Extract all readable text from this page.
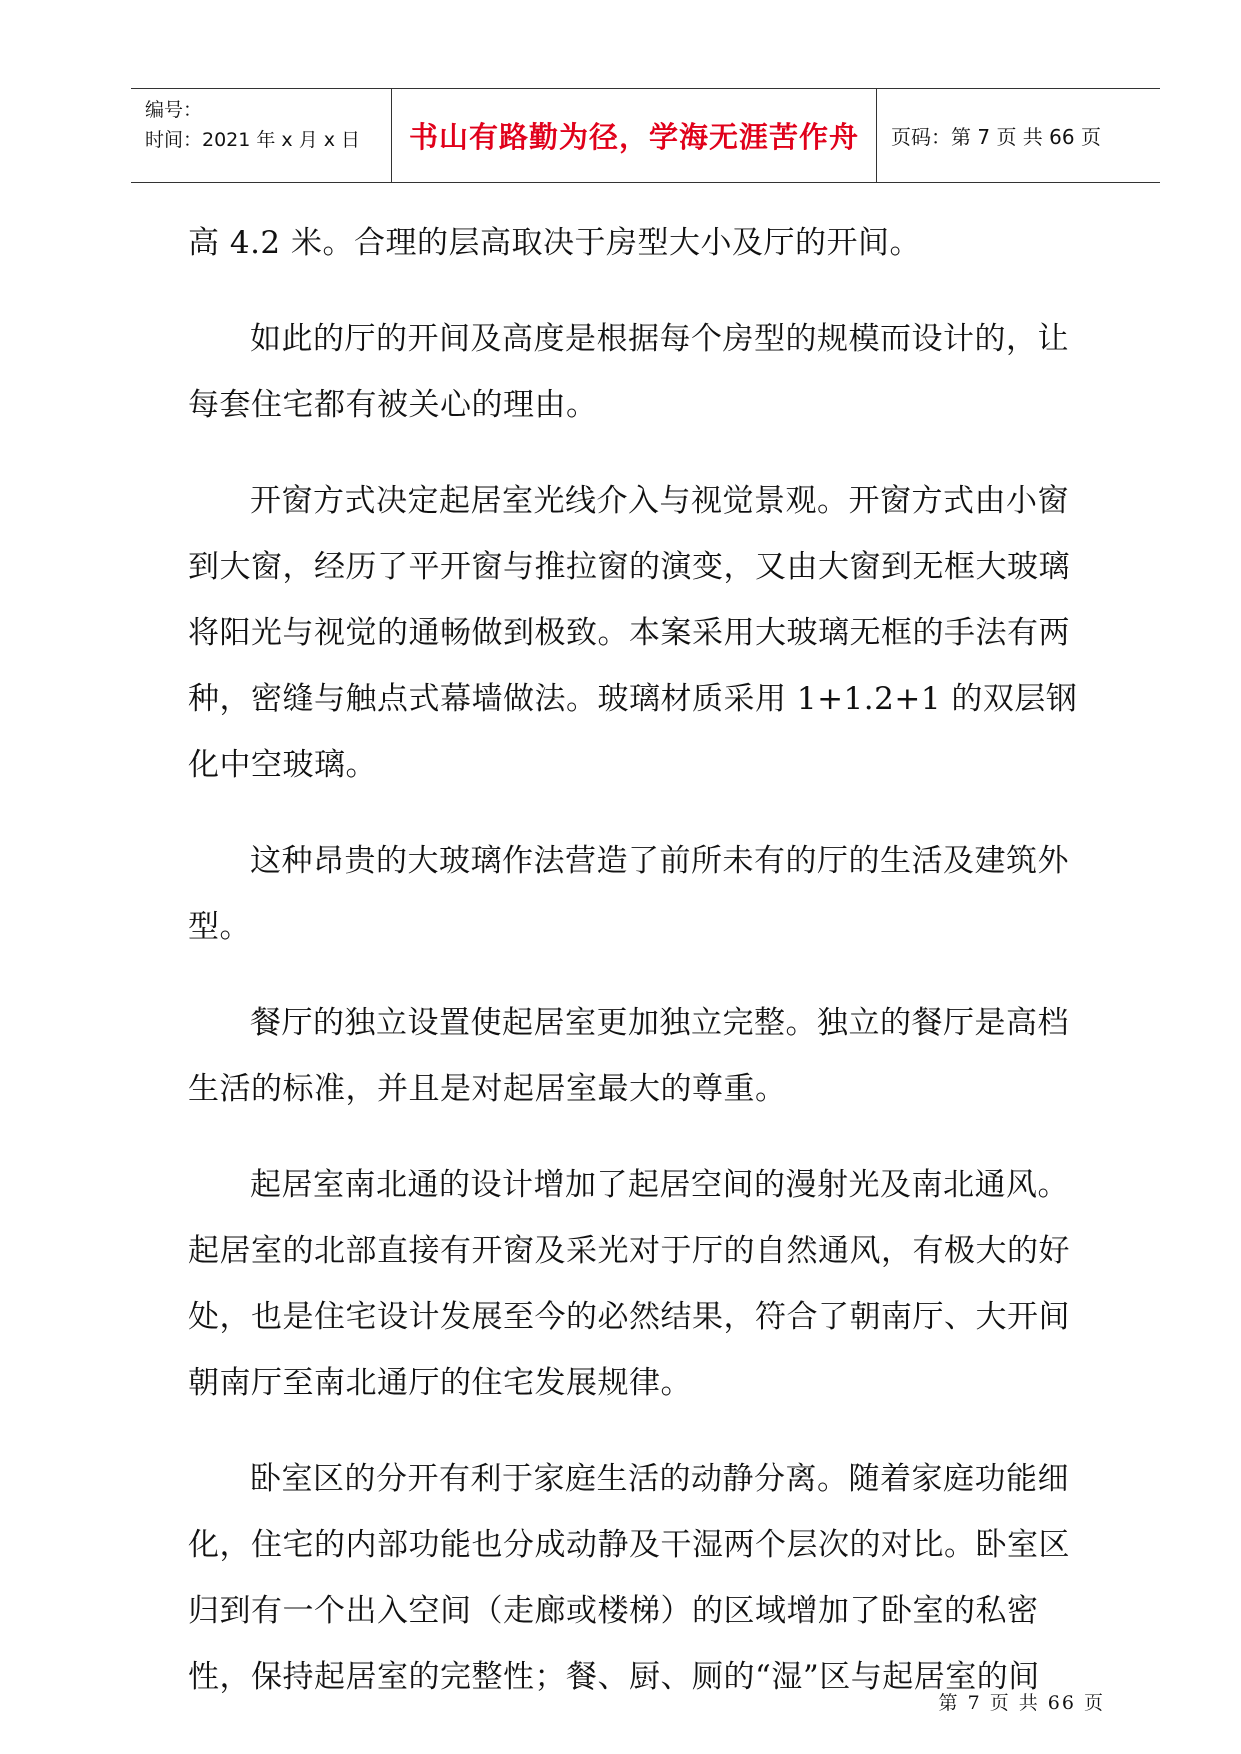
编号：
时间：2021 年 x 月 x 日	书山有路勤为径，学海无涯苦作舟	页码：第 7 页 共 66 页

高 4.2 米。合理的层高取决于房型大小及厅的开间。

如此的厅的开间及高度是根据每个房型的规模而设计的，让每套住宅都有被关心的理由。

开窗方式决定起居室光线介入与视觉景观。开窗方式由小窗到大窗，经历了平开窗与推拉窗的演变，又由大窗到无框大玻璃将阳光与视觉的通畅做到极致。本案采用大玻璃无框的手法有两种，密缝与触点式幕墙做法。玻璃材质采用 1+1.2+1 的双层钢化中空玻璃。

这种昂贵的大玻璃作法营造了前所未有的厅的生活及建筑外型。

餐厅的独立设置使起居室更加独立完整。独立的餐厅是高档生活的标准，并且是对起居室最大的尊重。

起居室南北通的设计增加了起居空间的漫射光及南北通风。起居室的北部直接有开窗及采光对于厅的自然通风，有极大的好处，也是住宅设计发展至今的必然结果，符合了朝南厅、大开间朝南厅至南北通厅的住宅发展规律。

卧室区的分开有利于家庭生活的动静分离。随着家庭功能细化，住宅的内部功能也分成动静及干湿两个层次的对比。卧室区归到有一个出入空间（走廊或楼梯）的区域增加了卧室的私密性，保持起居室的完整性；餐、厨、厕的“湿”区与起居室的间

第 7 页 共 66 页
